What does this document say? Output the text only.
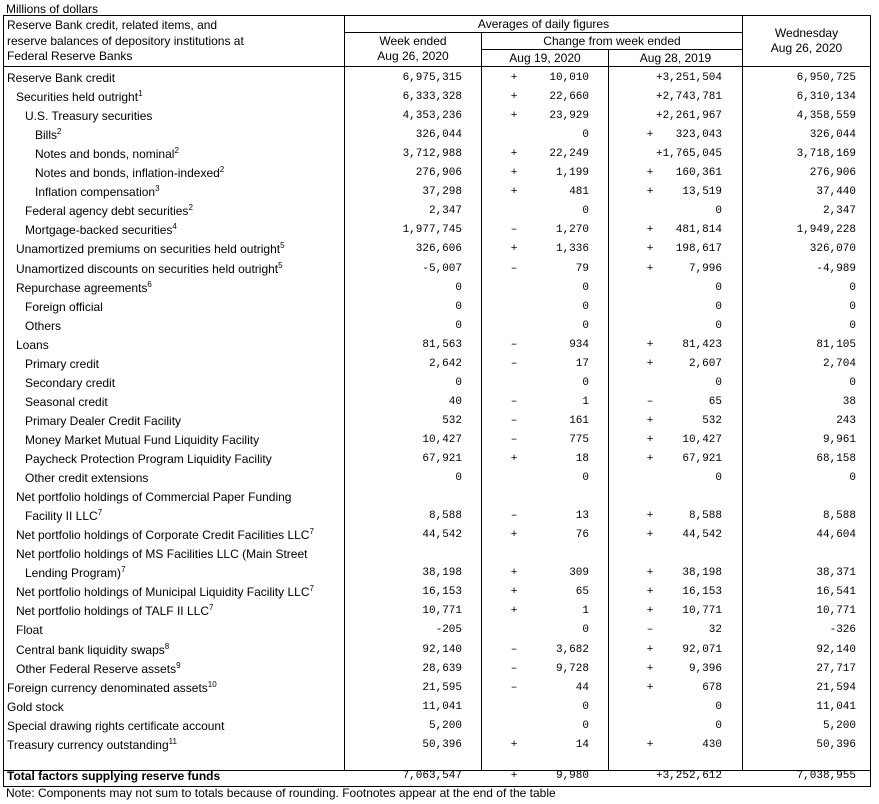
Millions of dollars
Reserve Bank credit, related items, and
reserve balances of depository institutions at
Federal Reserve Banks
Averages of daily figures
Week ended
Aug 26, 2020
Change from week ended
Aug 19, 2020	Aug 28, 2019
Wednesday
Aug 26, 2020
Reserve Bank credit	6,975,315	+	10,010	+3,251,504	6,950,725
Securities held outright$^1$	6,333,328	+	22,660	+2,743,781	6,310,134
U.S. Treasury securities	4,353,236	+	23,929	+2,261,967	4,358,559
Bills$^2$	326,044	0	+	323,043	326,044
Notes and bonds, nominal$^2$	3,712,988	+	22,249	+1,765,045	3,718,169
Notes and bonds, inflation-indexed$^2$	276,906	+	1,199	+	160,361	276,906
Inflation compensation$^3$	37,298	+	481	+	13,519	37,440
Federal agency debt securities$^2$	2,347	0	0	2,347
Mortgage-backed securities$^4$	1,977,745	–	1,270	+	481,814	1,949,228
Unamortized premiums on securities held outright$^5$	326,606	+	1,336	+	198,617	326,070
Unamortized discounts on securities held outright$^5$	-5,007	–	79	+	7,996	-4,989
Repurchase agreements$^6$	0	0	0	0
Foreign official	0	0	0	0
Others	0	0	0	0
Loans	81,563	–	934	+	81,423	81,105
Primary credit	2,642	–	17	+	2,607	2,704
Secondary credit	0	0	0	0
Seasonal credit	40	–	1	–	65	38
Primary Dealer Credit Facility	532	–	161	+	532	243
Money Market Mutual Fund Liquidity Facility	10,427	–	775	+	10,427	9,961
Paycheck Protection Program Liquidity Facility	67,921	+	18	+	67,921	68,158
Other credit extensions	0	0	0	0
Net portfolio holdings of Commercial Paper Funding
Facility II LLC$^7$	8,588	–	13	+	8,588	8,588
Net portfolio holdings of Corporate Credit Facilities LLC$^7$	44,542	+	76	+	44,542	44,604
Net portfolio holdings of MS Facilities LLC (Main Street
Lending Program)$^7$	38,198	+	309	+	38,198	38,371
Net portfolio holdings of Municipal Liquidity Facility LLC$^7$	16,153	+	65	+	16,153	16,541
Net portfolio holdings of TALF II LLC$^7$	10,771	+	1	+	10,771	10,771
Float	-205	0	–	32	-326
Central bank liquidity swaps$^8$	92,140	–	3,682	+	92,071	92,140
Other Federal Reserve assets$^9$	28,639	–	9,728	+	9,396	27,717
Foreign currency denominated assets$^{10}$	21,595	–	44	+	678	21,594
Gold stock	11,041	0	0	11,041
Special drawing rights certificate account	5,200	0	0	5,200
Treasury currency outstanding$^{11}$	50,396	+	14	+	430	50,396
Total factors supplying reserve funds	7,063,547	+	9,980	+3,252,612	7,038,955
Note: Components may not sum to totals because of rounding. Footnotes appear at the end of the table
